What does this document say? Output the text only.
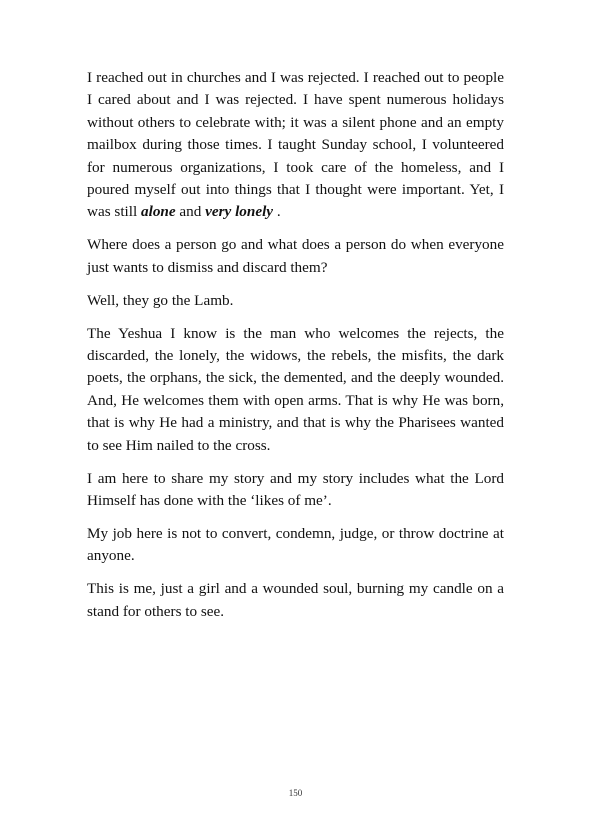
I reached out in churches and I was rejected. I reached out to people I cared about and I was rejected. I have spent numerous holidays without others to celebrate with; it was a silent phone and an empty mailbox during those times. I taught Sunday school, I volunteered for numerous organizations, I took care of the homeless, and I poured myself out into things that I thought were important. Yet, I was still alone and very lonely .

Where does a person go and what does a person do when everyone just wants to dismiss and discard them?

Well, they go the Lamb.

The Yeshua I know is the man who welcomes the rejects, the discarded, the lonely, the widows, the rebels, the misfits, the dark poets, the orphans, the sick, the demented, and the deeply wounded. And, He welcomes them with open arms. That is why He was born, that is why He had a ministry, and that is why the Pharisees wanted to see Him nailed to the cross.

I am here to share my story and my story includes what the Lord Himself has done with the ‘likes of me’.

My job here is not to convert, condemn, judge, or throw doctrine at anyone.

This is me, just a girl and a wounded soul, burning my candle on a stand for others to see.

150
